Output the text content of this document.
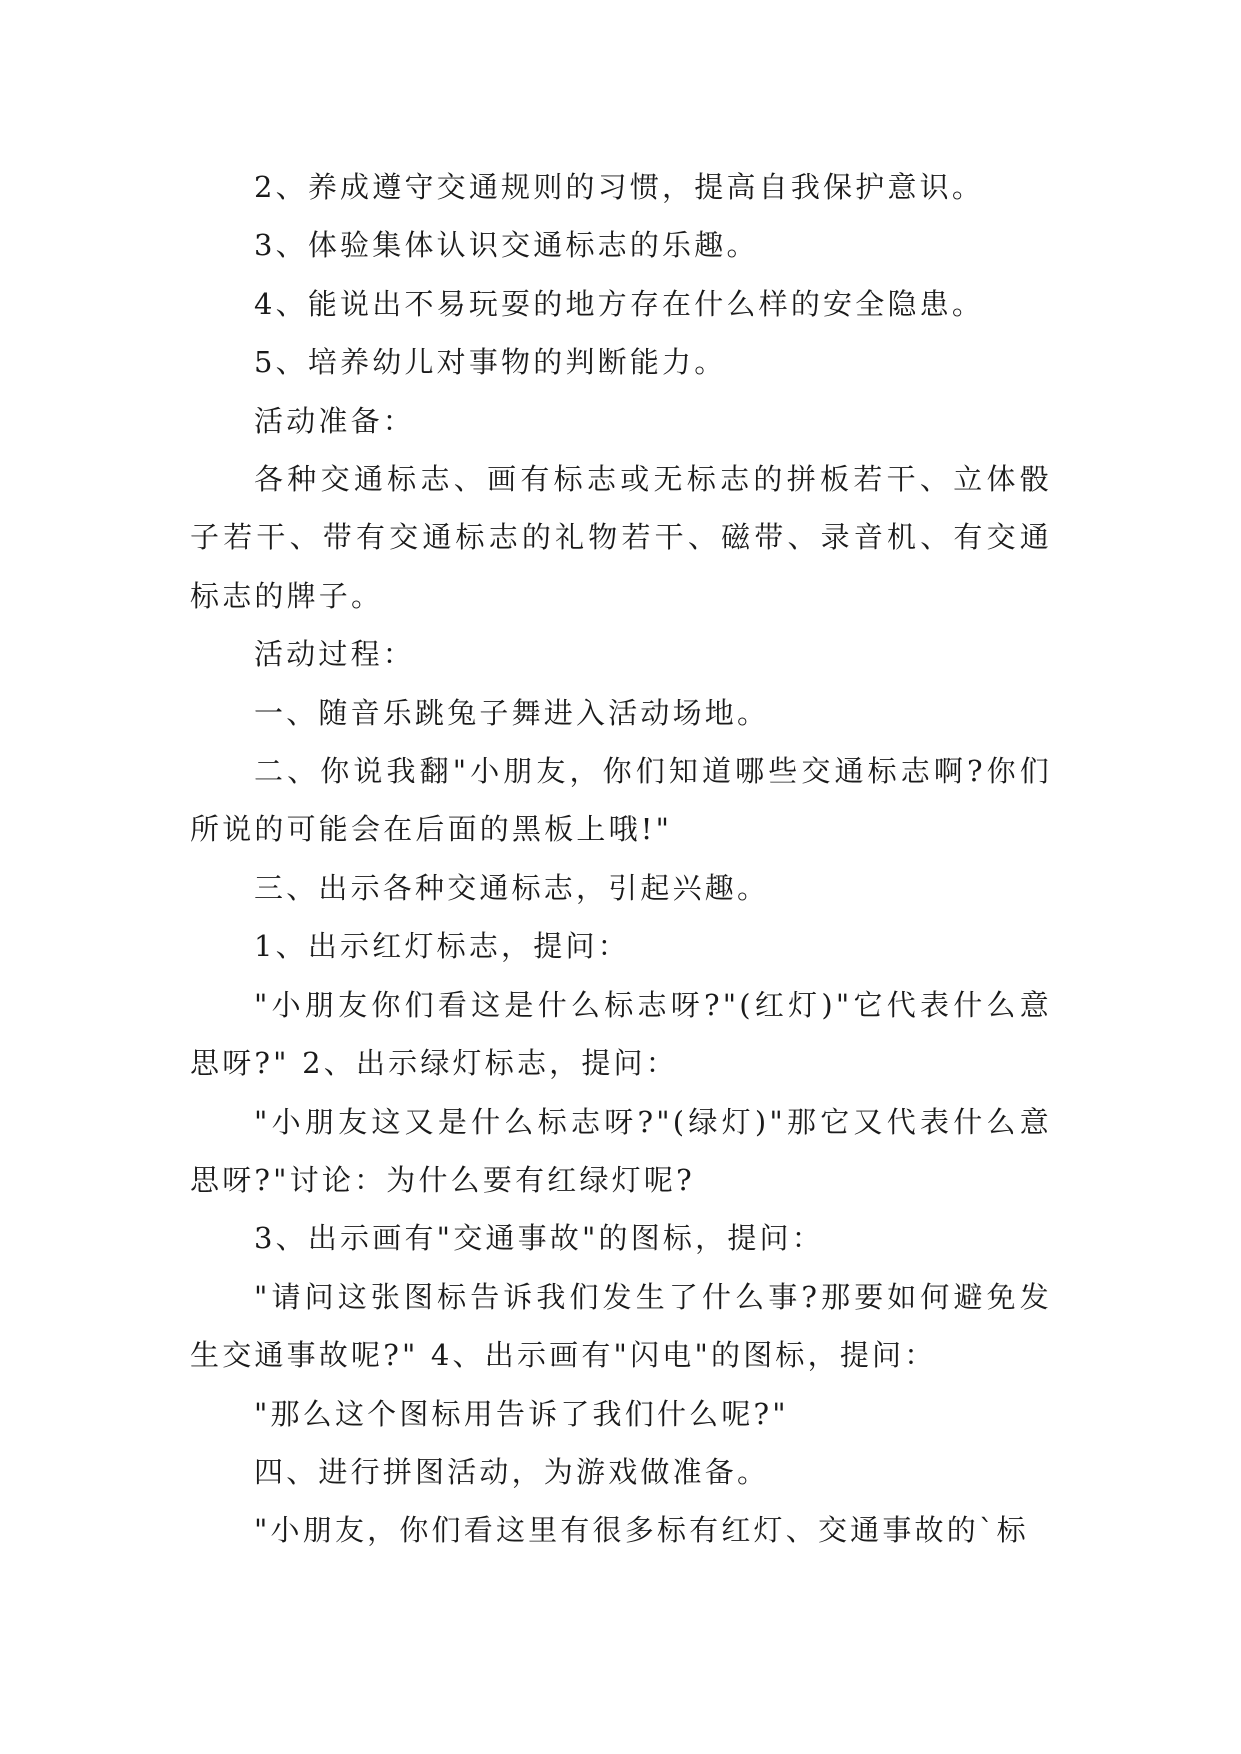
2、养成遵守交通规则的习惯，提高自我保护意识。

3、体验集体认识交通标志的乐趣。

4、能说出不易玩耍的地方存在什么样的安全隐患。

5、培养幼儿对事物的判断能力。

活动准备：

各种交通标志、画有标志或无标志的拼板若干、立体骰子若干、带有交通标志的礼物若干、磁带、录音机、有交通标志的牌子。

活动过程：

一、随音乐跳兔子舞进入活动场地。

二、你说我翻"小朋友，你们知道哪些交通标志啊?你们所说的可能会在后面的黑板上哦!"

三、出示各种交通标志，引起兴趣。

1、出示红灯标志，提问：

"小朋友你们看这是什么标志呀?"(红灯)"它代表什么意思呀?" 2、出示绿灯标志，提问：

"小朋友这又是什么标志呀?"(绿灯)"那它又代表什么意思呀?"讨论：为什么要有红绿灯呢?

3、出示画有"交通事故"的图标，提问：

"请问这张图标告诉我们发生了什么事?那要如何避免发生交通事故呢?" 4、出示画有"闪电"的图标，提问：

"那么这个图标用告诉了我们什么呢?"

四、进行拼图活动，为游戏做准备。

"小朋友，你们看这里有很多标有红灯、交通事故的`标
